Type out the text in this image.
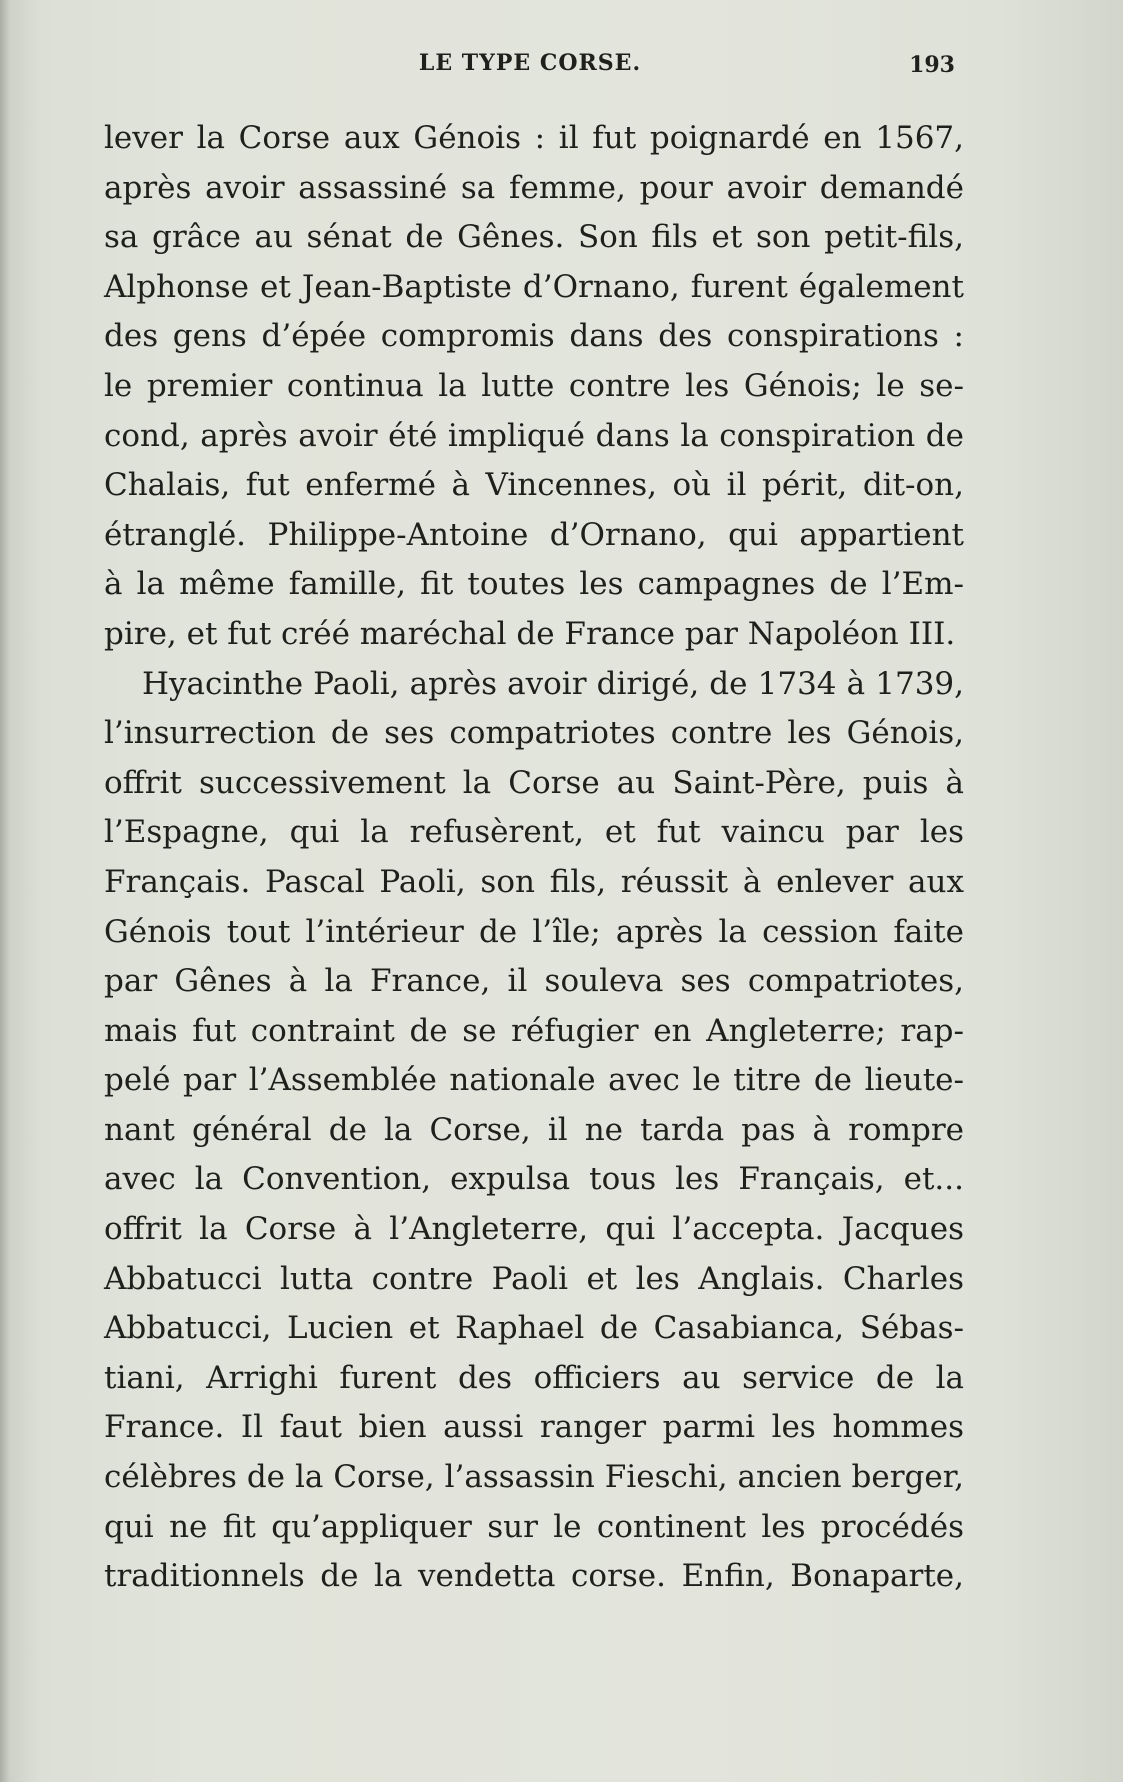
LE TYPE CORSE.	193
lever la Corse aux Génois : il fut poignardé en 1567,
après avoir assassiné sa femme, pour avoir demandé
sa grâce au sénat de Gênes. Son fils et son petit-fils,
Alphonse et Jean-Baptiste d’Ornano, furent également
des gens d’épée compromis dans des conspirations :
le premier continua la lutte contre les Génois; le se-
cond, après avoir été impliqué dans la conspiration de
Chalais, fut enfermé à Vincennes, où il périt, dit-on,
étranglé. Philippe-Antoine d’Ornano, qui appartient
à la même famille, fit toutes les campagnes de l’Em-
pire, et fut créé maréchal de France par Napoléon III.
Hyacinthe Paoli, après avoir dirigé, de 1734 à 1739,
l’insurrection de ses compatriotes contre les Génois,
offrit successivement la Corse au Saint-Père, puis à
l’Espagne, qui la refusèrent, et fut vaincu par les
Français. Pascal Paoli, son fils, réussit à enlever aux
Génois tout l’intérieur de l’île; après la cession faite
par Gênes à la France, il souleva ses compatriotes,
mais fut contraint de se réfugier en Angleterre; rap-
pelé par l’Assemblée nationale avec le titre de lieute-
nant général de la Corse, il ne tarda pas à rompre
avec la Convention, expulsa tous les Français, et...
offrit la Corse à l’Angleterre, qui l’accepta. Jacques
Abbatucci lutta contre Paoli et les Anglais. Charles
Abbatucci, Lucien et Raphael de Casabianca, Sébas-
tiani, Arrighi furent des officiers au service de la
France. Il faut bien aussi ranger parmi les hommes
célèbres de la Corse, l’assassin Fieschi, ancien berger,
qui ne fit qu’appliquer sur le continent les procédés
traditionnels de la vendetta corse. Enfin, Bonaparte,
